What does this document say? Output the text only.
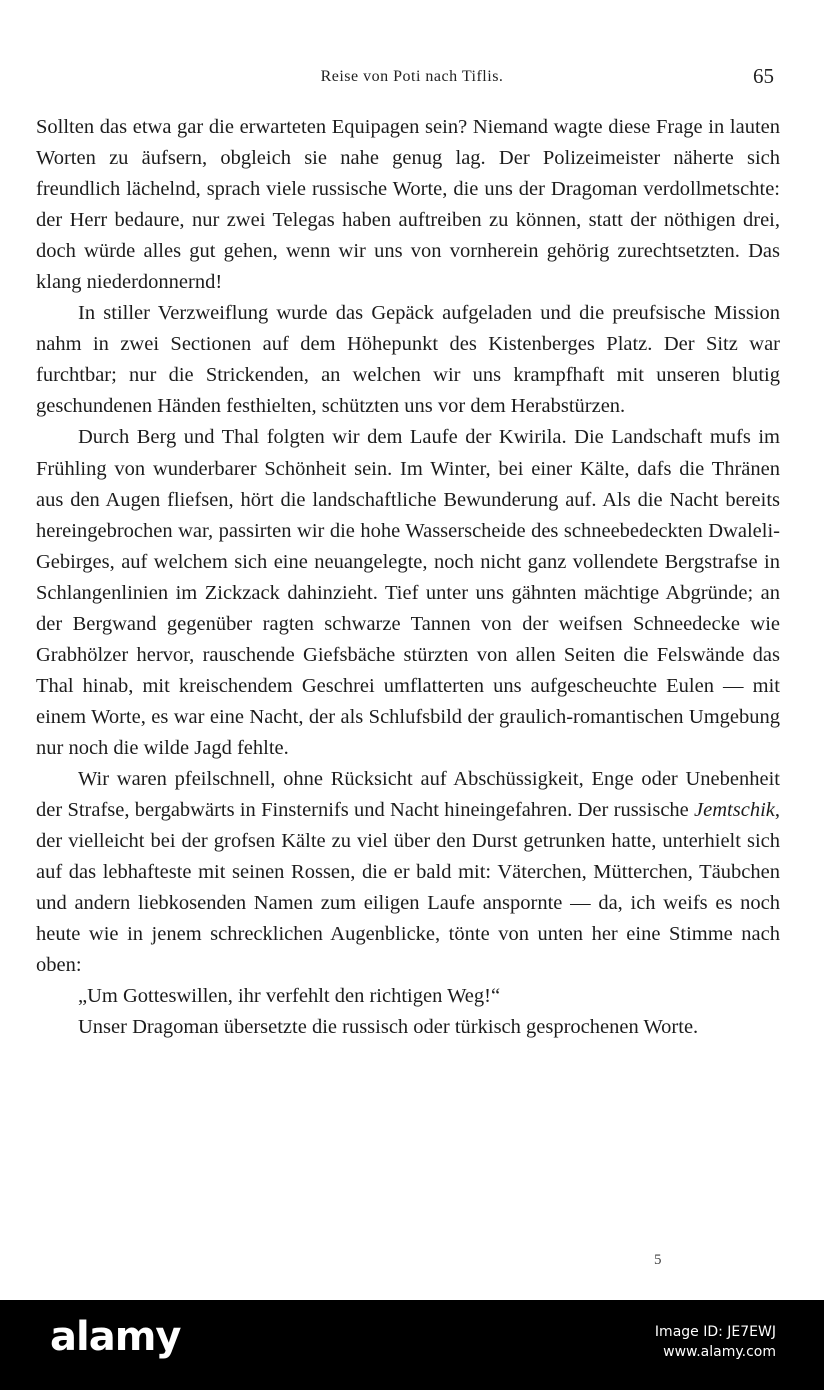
Reise von Poti nach Tiflis.	65

Sollten das etwa gar die erwarteten Equipagen sein? Niemand wagte diese Frage in lauten Worten zu äufsern, obgleich sie nahe genug lag. Der Polizeimeister näherte sich freundlich lächelnd, sprach viele russische Worte, die uns der Dragoman verdollmetschte: der Herr bedaure, nur zwei Telegas haben auftreiben zu können, statt der nöthigen drei, doch würde alles gut gehen, wenn wir uns von vornherein gehörig zurechtsetzten. Das klang niederdonnernd!

In stiller Verzweiflung wurde das Gepäck aufgeladen und die preufsische Mission nahm in zwei Sectionen auf dem Höhepunkt des Kistenberges Platz. Der Sitz war furchtbar; nur die Strickenden, an welchen wir uns krampfhaft mit unseren blutig geschundenen Händen festhielten, schützten uns vor dem Herabstürzen.

Durch Berg und Thal folgten wir dem Laufe der Kwirila. Die Landschaft mufs im Frühling von wunderbarer Schönheit sein. Im Winter, bei einer Kälte, dafs die Thränen aus den Augen fliefsen, hört die landschaftliche Bewunderung auf. Als die Nacht bereits hereingebrochen war, passirten wir die hohe Wasserscheide des schneebedeckten Dwaleli-Gebirges, auf welchem sich eine neuangelegte, noch nicht ganz vollendete Bergstrafse in Schlangenlinien im Zickzack dahinzieht. Tief unter uns gähnten mächtige Abgründe; an der Bergwand gegenüber ragten schwarze Tannen von der weifsen Schneedecke wie Grabhölzer hervor, rauschende Giefsbäche stürzten von allen Seiten die Felswände das Thal hinab, mit kreischendem Geschrei umflatterten uns aufgescheuchte Eulen — mit einem Worte, es war eine Nacht, der als Schlufsbild der graulich-romantischen Umgebung nur noch die wilde Jagd fehlte.

Wir waren pfeilschnell, ohne Rücksicht auf Abschüssigkeit, Enge oder Unebenheit der Strafse, bergabwärts in Finsternifs und Nacht hineingefahren. Der russische Jemtschik, der vielleicht bei der grofsen Kälte zu viel über den Durst getrunken hatte, unterhielt sich auf das lebhafteste mit seinen Rossen, die er bald mit: Väterchen, Mütterchen, Täubchen und andern liebkosenden Namen zum eiligen Laufe anspornte — da, ich weifs es noch heute wie in jenem schrecklichen Augenblicke, tönte von unten her eine Stimme nach oben:

„Um Gotteswillen, ihr verfehlt den richtigen Weg!“

Unser Dragoman übersetzte die russisch oder türkisch gesprochenen Worte.

5
alamy	Image ID: JE7EWJ
www.alamy.com
